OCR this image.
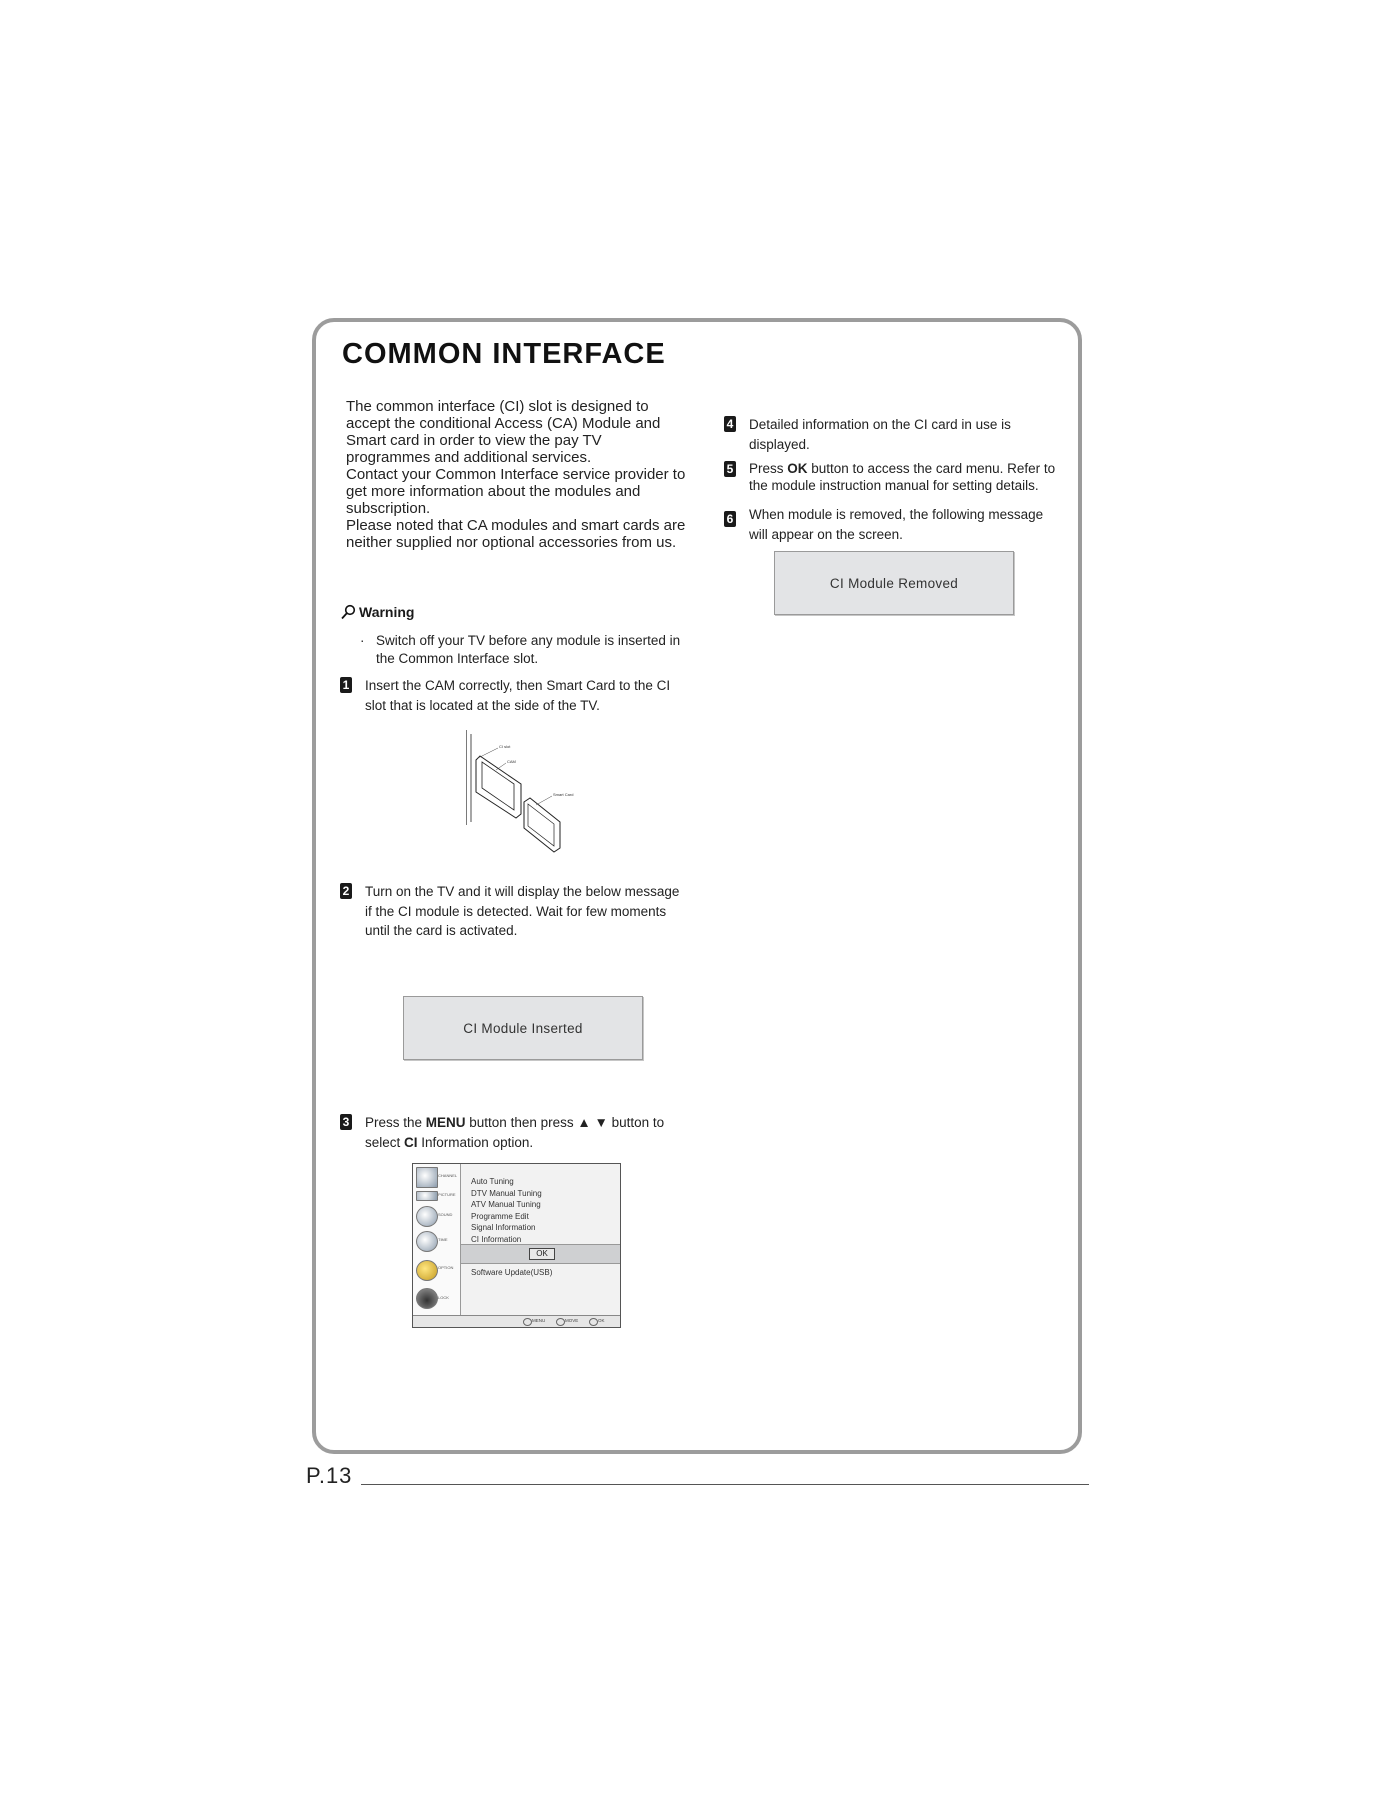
COMMON INTERFACE

The common interface (CI) slot is designed to accept the conditional Access (CA) Module and Smart card in order to view the pay TV programmes and additional services.

Contact your Common Interface service provider to get more information about the modules and subscription.

Please noted that CA modules and smart cards are neither supplied nor optional accessories from us.

Warning
· Switch off your TV before any module is inserted in the Common Interface slot.
1	Insert the CAM correctly, then Smart Card to the CI slot that is located at the side of the TV.
CI slot
CAM
Smart Card
2	Turn on the TV and it will display the below message if the CI module is detected. Wait for few moments until the card is activated.
CI Module Inserted
3	Press the MENU button then press ▲ ▼ button to select CI Information option.
CHANNEL
PICTURE
SOUND
TIME
OPTION
LOCK
Auto Tuning
DTV Manual Tuning
ATV Manual Tuning
Programme Edit
Signal Information
CI Information
OK
Software Update(USB)
MENU	MOVE	OK
4	Detailed information on the CI card in use is displayed.
5	Press OK button to access the card menu. Refer to the module instruction manual for setting details.
6	When module is removed, the following message will appear on the screen.
CI Module Removed
P.13
